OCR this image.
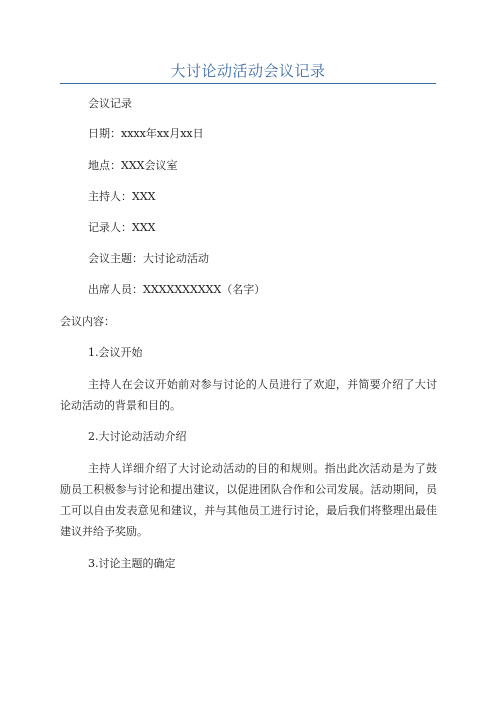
大讨论动活动会议记录
会议记录
日期：xxxx年xx月xx日
地点：XXX会议室
主持人：XXX
记录人：XXX
会议主题：大讨论动活动
出席人员：XXXXXXXXXX（名字）
会议内容：
1.会议开始
主持人在会议开始前对参与讨论的人员进行了欢迎，并简要介绍了大讨论动活动的背景和目的。
2.大讨论动活动介绍
主持人详细介绍了大讨论动活动的目的和规则。指出此次活动是为了鼓励员工积极参与讨论和提出建议，以促进团队合作和公司发展。活动期间，员工可以自由发表意见和建议，并与其他员工进行讨论，最后我们将整理出最佳建议并给予奖励。
3.讨论主题的确定
